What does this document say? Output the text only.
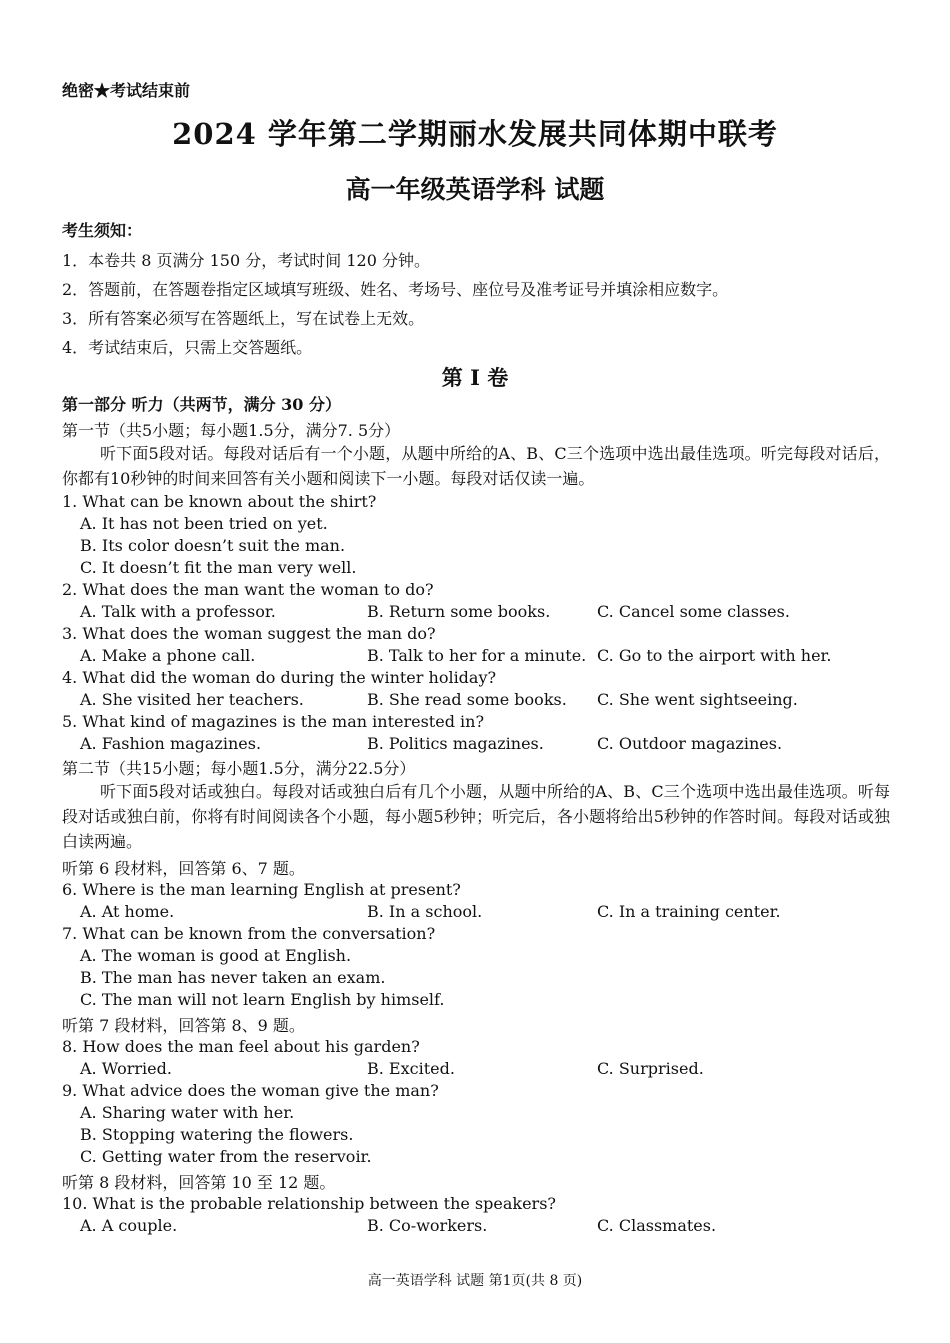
绝密★考试结束前
2024 学年第二学期丽水发展共同体期中联考
高一年级英语学科 试题
考生须知：
1．本卷共 8 页满分 150 分，考试时间 120 分钟。
2．答题前，在答题卷指定区域填写班级、姓名、考场号、座位号及准考证号并填涂相应数字。
3．所有答案必须写在答题纸上，写在试卷上无效。
4．考试结束后，只需上交答题纸。
第 I 卷
第一部分 听力（共两节，满分 30 分）
第一节（共5小题；每小题1.5分，满分7. 5分）
听下面5段对话。每段对话后有一个小题，从题中所给的A、B、C三个选项中选出最佳选项。听完每段对话后，你都有10秒钟的时间来回答有关小题和阅读下一小题。每段对话仅读一遍。
1. What can be known about the shirt?
A. It has not been tried on yet.
B. Its color doesn’t suit the man.
C. It doesn’t fit the man very well.
2. What does the man want the woman to do?
A. Talk with a professor.	B. Return some books.	C. Cancel some classes.
3. What does the woman suggest the man do?
A. Make a phone call.	B. Talk to her for a minute. C. Go to the airport with her.
4. What did the woman do during the winter holiday?
A. She visited her teachers.	B. She read some books. C. She went sightseeing.
5. What kind of magazines is the man interested in?
A. Fashion magazines.	B. Politics magazines.	C. Outdoor magazines.
第二节（共15小题；每小题1.5分，满分22.5分）
听下面5段对话或独白。每段对话或独白后有几个小题，从题中所给的A、B、C三个选项中选出最佳选项。听每段对话或独白前，你将有时间阅读各个小题，每小题5秒钟；听完后，各小题将给出5秒钟的作答时间。每段对话或独白读两遍。
听第 6 段材料，回答第 6、7 题。
6. Where is the man learning English at present?
A. At home.	B. In a school.	C. In a training center.
7. What can be known from the conversation?
A. The woman is good at English.
B. The man has never taken an exam.
C. The man will not learn English by himself.
听第 7 段材料，回答第 8、9 题。
8. How does the man feel about his garden?
A. Worried.	B. Excited.	C. Surprised.
9. What advice does the woman give the man?
A. Sharing water with her.
B. Stopping watering the flowers.
C. Getting water from the reservoir.
听第 8 段材料，回答第 10 至 12 题。
10. What is the probable relationship between the speakers?
A. A couple.	B. Co-workers.	C. Classmates.
高一英语学科 试题 第1页(共 8 页)
